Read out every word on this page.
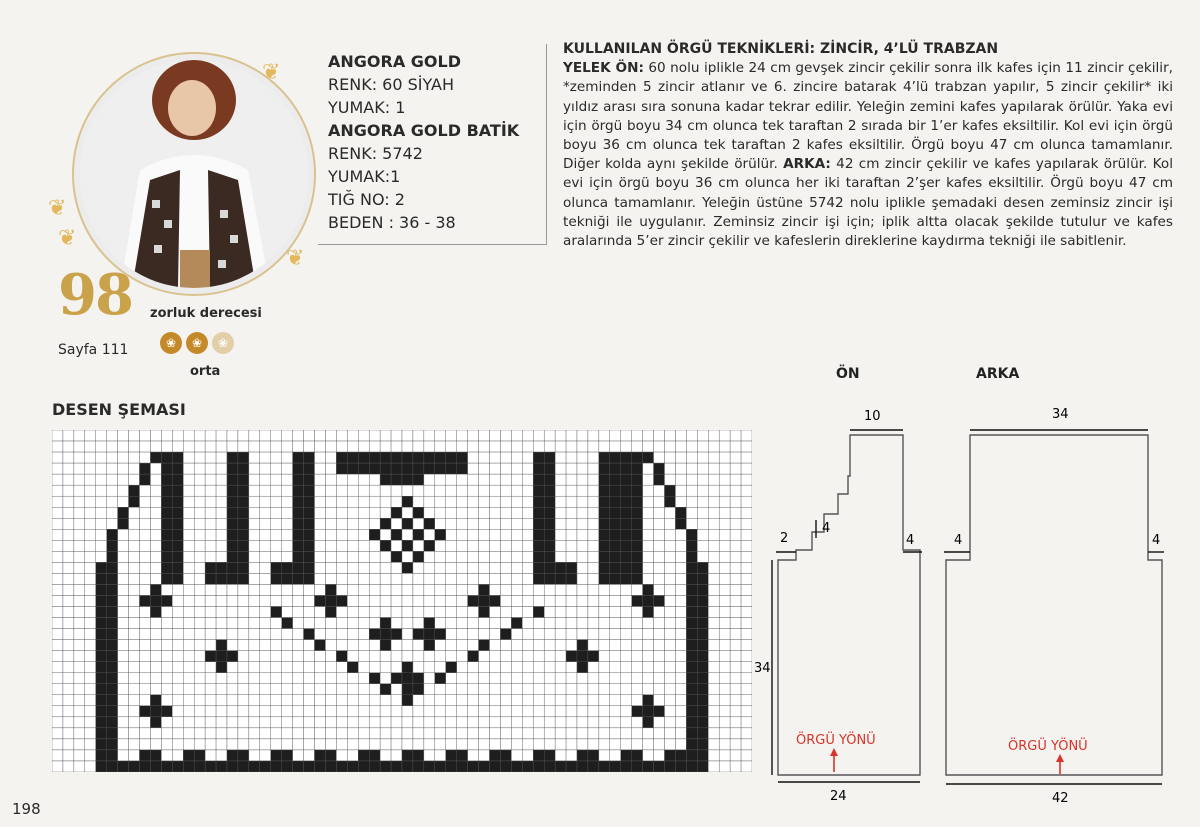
❦
❦
❦
❦
ANGORA GOLD
RENK: 60 SİYAH
YUMAK: 1
ANGORA GOLD BATİK
RENK: 5742
YUMAK:1
TIĞ NO: 2
BEDEN : 36 - 38
98
Sayfa 111
zorluk derecesi
❀ ❀ ❀
orta
KULLANILAN ÖRGÜ TEKNİKLERİ: ZİNCİR, 4’LÜ TRABZAN
YELEK ÖN: 60 nolu iplikle 24 cm gevşek zincir çekilir sonra ilk kafes için 11 zincir çekilir, *zeminden 5 zincir atlanır ve 6. zincire batarak 4’lü trabzan yapılır, 5 zincir çekilir* iki yıldız arası sıra sonuna kadar tekrar edilir. Yeleğin zemini kafes yapılarak örülür. Yaka evi için örgü boyu 34 cm olunca tek taraftan 2 sırada bir 1’er kafes eksiltilir. Kol evi için örgü boyu 36 cm olunca tek taraftan 2 kafes eksiltilir. Örgü boyu 47 cm olunca tamamlanır. Diğer kolda aynı şekilde örülür. ARKA: 42 cm zincir çekilir ve kafes yapılarak örülür. Kol evi için örgü boyu 36 cm olunca her iki taraftan 2’şer kafes eksiltilir. Örgü boyu 47 cm olunca tamamlanır. Yeleğin üstüne 5742 nolu iplikle şemadaki desen zeminsiz zincir işi tekniği ile uygulanır. Zeminsiz zincir işi için; iplik altta olacak şekilde tutulur ve kafes aralarında 5’er zincir çekilir ve kafeslerin direklerine kaydırma tekniği ile sabitlenir.
DESEN ŞEMASI
ÖN	ARKA
10
2
4
4
34
24
ÖRGÜ YÖNÜ
34
4	4
42
ÖRGÜ YÖNÜ
198
